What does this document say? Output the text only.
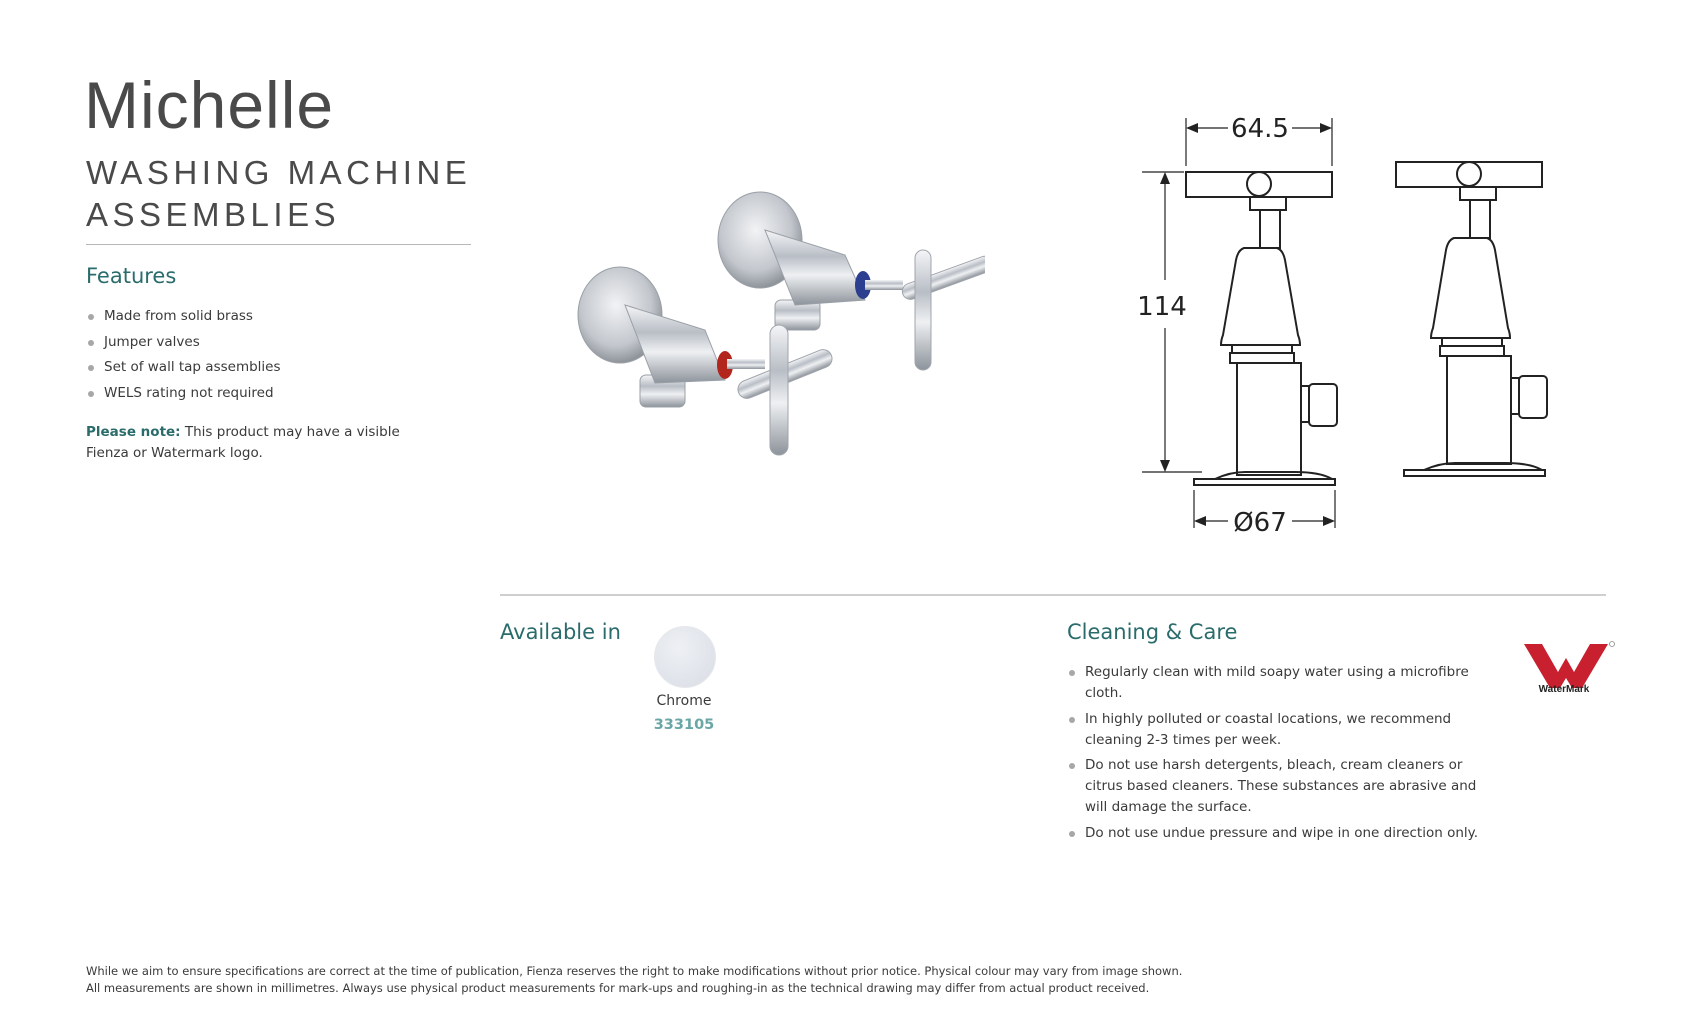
Michelle
WASHING MACHINE
ASSEMBLIES
Features
Made from solid brass
Jumper valves
Set of wall tap assemblies
WELS rating not required
Please note: This product may have a visible Fienza or Watermark logo.
64.5
114
Ø67
Available in
Chrome
333105
Cleaning & Care
Regularly clean with mild soapy water using a microfibre cloth.
In highly polluted or coastal locations, we recommend cleaning 2-3 times per week.
Do not use harsh detergents, bleach, cream cleaners or citrus based cleaners. These substances are abrasive and will damage the surface.
Do not use undue pressure and wipe in one direction only.
WaterMark
While we aim to ensure specifications are correct at the time of publication, Fienza reserves the right to make modifications without prior notice. Physical colour may vary from image shown.
All measurements are shown in millimetres. Always use physical product measurements for mark-ups and roughing-in as the technical drawing may differ from actual product received.
